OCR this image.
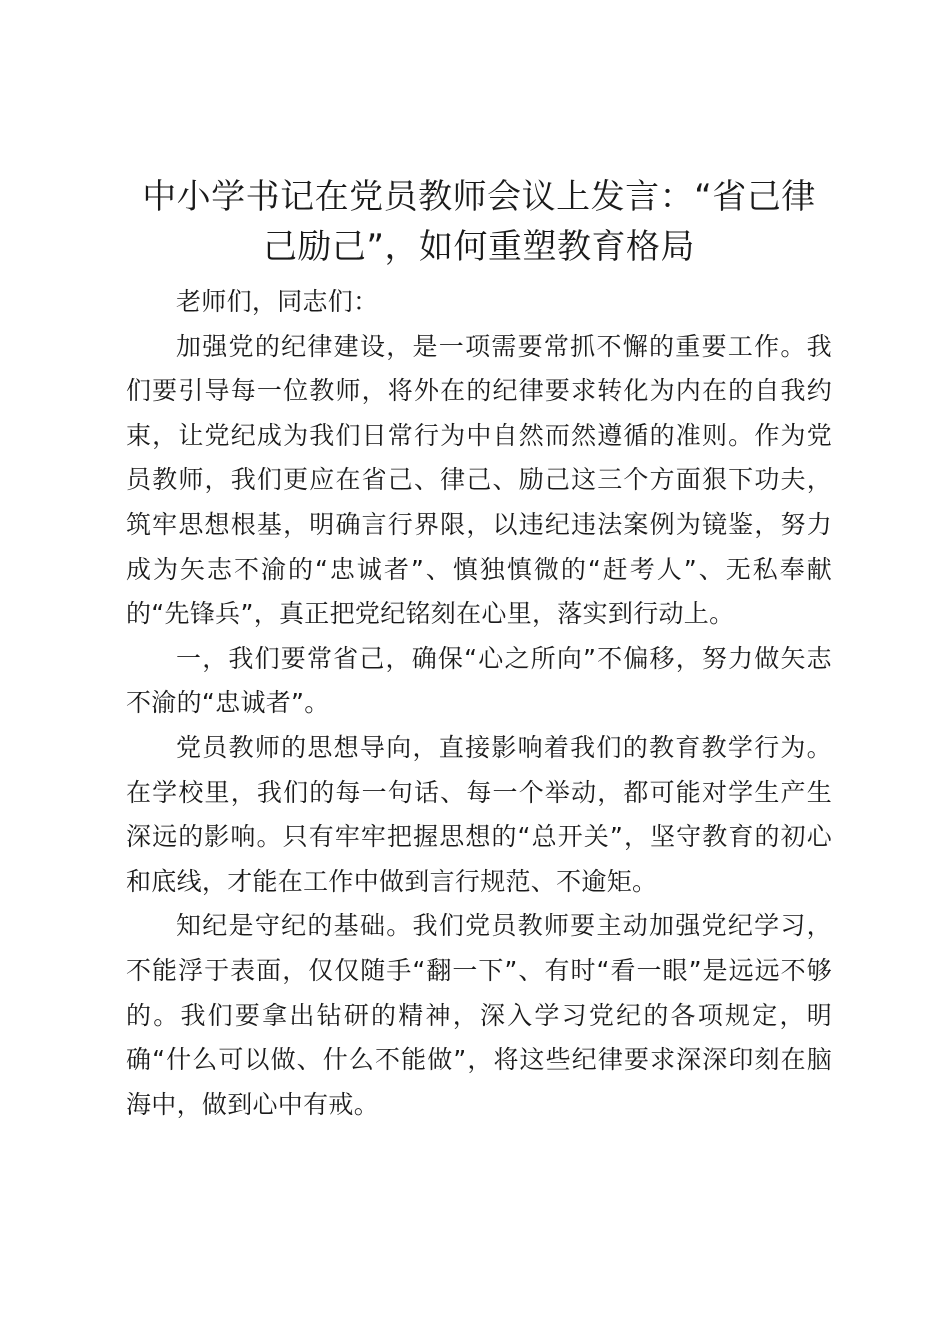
中小学书记在党员教师会议上发言：“省己律己励己”，如何重塑教育格局

老师们，同志们：

加强党的纪律建设，是一项需要常抓不懈的重要工作。我们要引导每一位教师，将外在的纪律要求转化为内在的自我约束，让党纪成为我们日常行为中自然而然遵循的准则。作为党员教师，我们更应在省己、律己、励己这三个方面狠下功夫，筑牢思想根基，明确言行界限，以违纪违法案例为镜鉴，努力成为矢志不渝的“忠诚者”、慎独慎微的“赶考人”、无私奉献的“先锋兵”，真正把党纪铭刻在心里，落实到行动上。

一，我们要常省己，确保“心之所向”不偏移，努力做矢志不渝的“忠诚者”。

党员教师的思想导向，直接影响着我们的教育教学行为。在学校里，我们的每一句话、每一个举动，都可能对学生产生深远的影响。只有牢牢把握思想的“总开关”，坚守教育的初心和底线，才能在工作中做到言行规范、不逾矩。

知纪是守纪的基础。我们党员教师要主动加强党纪学习，不能浮于表面，仅仅随手“翻一下”、有时“看一眼”是远远不够的。我们要拿出钻研的精神，深入学习党纪的各项规定，明确“什么可以做、什么不能做”，将这些纪律要求深深印刻在脑海中，做到心中有戒。
